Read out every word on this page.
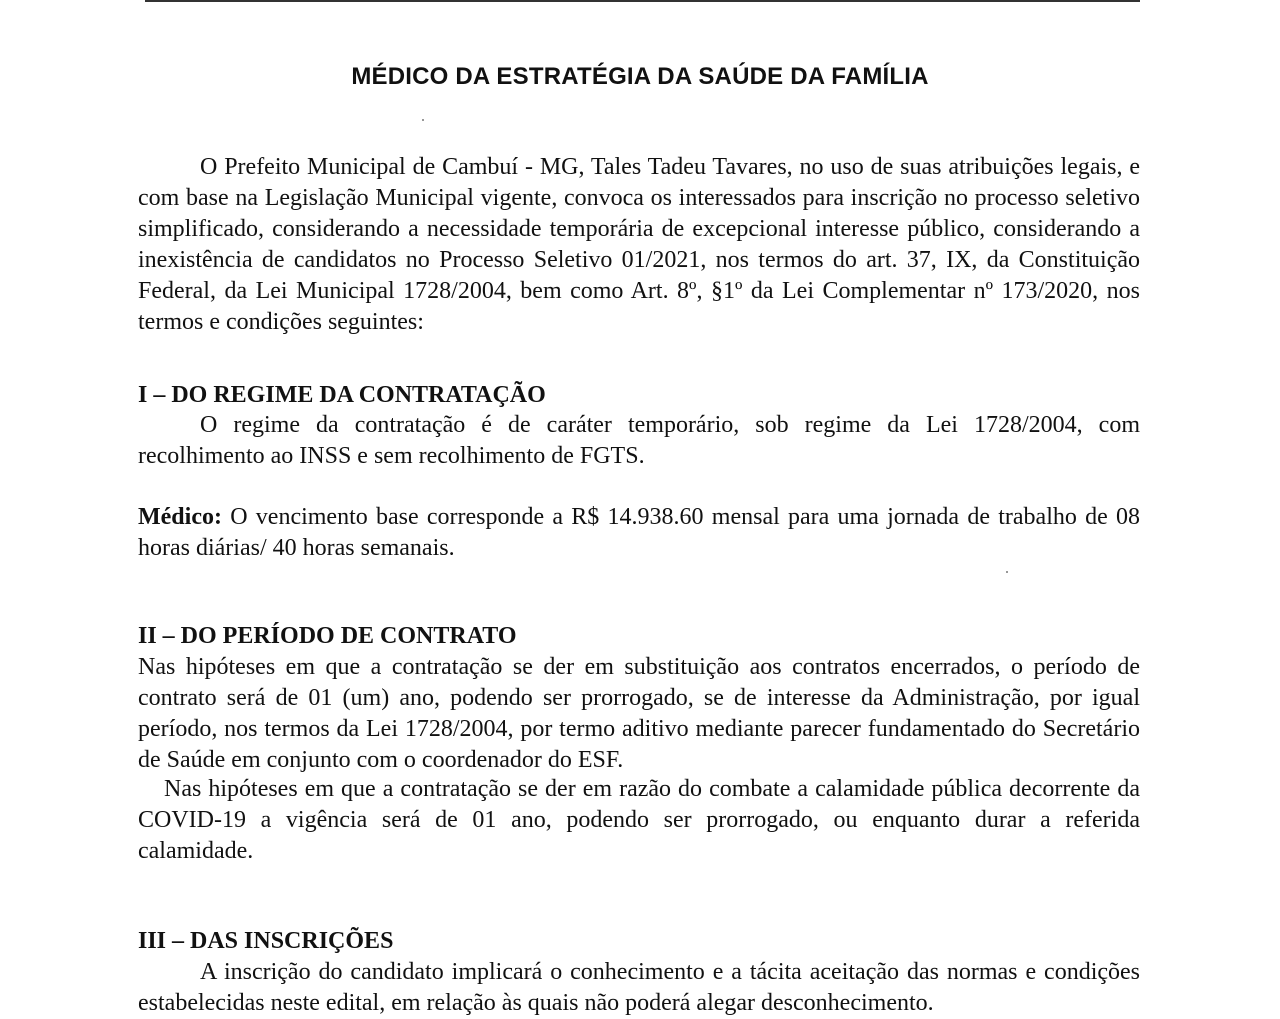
MÉDICO DA ESTRATÉGIA DA SAÚDE DA FAMÍLIA
O Prefeito Municipal de Cambuí - MG, Tales Tadeu Tavares, no uso de suas atribuições legais, e com base na Legislação Municipal vigente, convoca os interessados para inscrição no processo seletivo simplificado, considerando a necessidade temporária de excepcional interesse público, considerando a inexistência de candidatos no Processo Seletivo 01/2021, nos termos do art. 37, IX, da Constituição Federal, da Lei Municipal 1728/2004, bem como Art. 8º, §1º da Lei Complementar nº 173/2020, nos termos e condições seguintes:
I – DO REGIME DA CONTRATAÇÃO
O regime da contratação é de caráter temporário, sob regime da Lei 1728/2004, com recolhimento ao INSS e sem recolhimento de FGTS.
Médico: O vencimento base corresponde a R$ 14.938.60 mensal para uma jornada de trabalho de 08 horas diárias/ 40 horas semanais.
II – DO PERÍODO DE CONTRATO
Nas hipóteses em que a contratação se der em substituição aos contratos encerrados, o período de contrato será de 01 (um) ano, podendo ser prorrogado, se de interesse da Administração, por igual período, nos termos da Lei 1728/2004, por termo aditivo mediante parecer fundamentado do Secretário de Saúde em conjunto com o coordenador do ESF.
Nas hipóteses em que a contratação se der em razão do combate a calamidade pública decorrente da COVID-19 a vigência será de 01 ano, podendo ser prorrogado, ou enquanto durar a referida calamidade.
III – DAS INSCRIÇÕES
A inscrição do candidato implicará o conhecimento e a tácita aceitação das normas e condições estabelecidas neste edital, em relação às quais não poderá alegar desconhecimento.
